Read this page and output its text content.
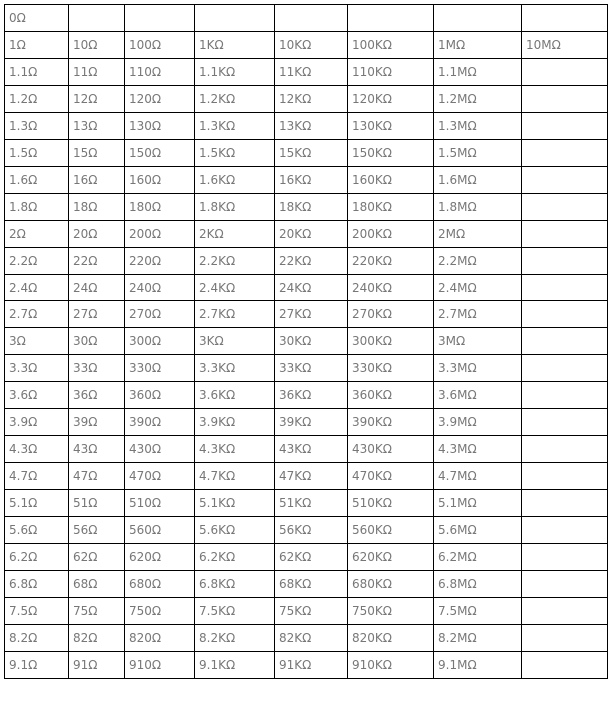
0Ω							
1Ω	10Ω	100Ω	1KΩ	10KΩ	100KΩ	1MΩ	10MΩ
1.1Ω	11Ω	110Ω	1.1KΩ	11KΩ	110KΩ	1.1MΩ	
1.2Ω	12Ω	120Ω	1.2KΩ	12KΩ	120KΩ	1.2MΩ	
1.3Ω	13Ω	130Ω	1.3KΩ	13KΩ	130KΩ	1.3MΩ	
1.5Ω	15Ω	150Ω	1.5KΩ	15KΩ	150KΩ	1.5MΩ	
1.6Ω	16Ω	160Ω	1.6KΩ	16KΩ	160KΩ	1.6MΩ	
1.8Ω	18Ω	180Ω	1.8KΩ	18KΩ	180KΩ	1.8MΩ	
2Ω	20Ω	200Ω	2KΩ	20KΩ	200KΩ	2MΩ	
2.2Ω	22Ω	220Ω	2.2KΩ	22KΩ	220KΩ	2.2MΩ	
2.4Ω	24Ω	240Ω	2.4KΩ	24KΩ	240KΩ	2.4MΩ	
2.7Ω	27Ω	270Ω	2.7KΩ	27KΩ	270KΩ	2.7MΩ	
3Ω	30Ω	300Ω	3KΩ	30KΩ	300KΩ	3MΩ	
3.3Ω	33Ω	330Ω	3.3KΩ	33KΩ	330KΩ	3.3MΩ	
3.6Ω	36Ω	360Ω	3.6KΩ	36KΩ	360KΩ	3.6MΩ	
3.9Ω	39Ω	390Ω	3.9KΩ	39KΩ	390KΩ	3.9MΩ	
4.3Ω	43Ω	430Ω	4.3KΩ	43KΩ	430KΩ	4.3MΩ	
4.7Ω	47Ω	470Ω	4.7KΩ	47KΩ	470KΩ	4.7MΩ	
5.1Ω	51Ω	510Ω	5.1KΩ	51KΩ	510KΩ	5.1MΩ	
5.6Ω	56Ω	560Ω	5.6KΩ	56KΩ	560KΩ	5.6MΩ	
6.2Ω	62Ω	620Ω	6.2KΩ	62KΩ	620KΩ	6.2MΩ	
6.8Ω	68Ω	680Ω	6.8KΩ	68KΩ	680KΩ	6.8MΩ	
7.5Ω	75Ω	750Ω	7.5KΩ	75KΩ	750KΩ	7.5MΩ	
8.2Ω	82Ω	820Ω	8.2KΩ	82KΩ	820KΩ	8.2MΩ	
9.1Ω	91Ω	910Ω	9.1KΩ	91KΩ	910KΩ	9.1MΩ	
